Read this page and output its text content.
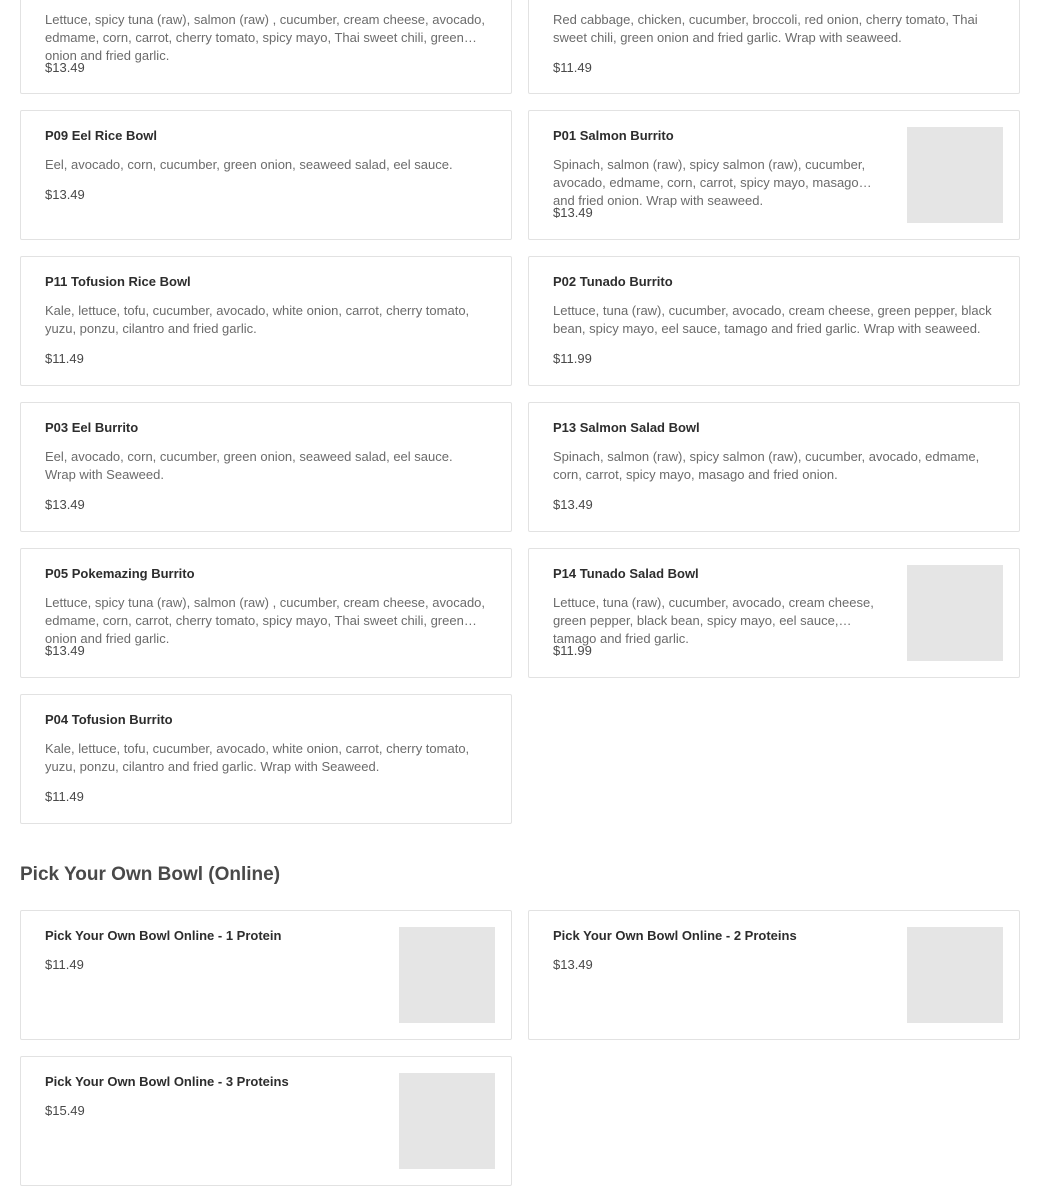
Lettuce, spicy tuna (raw), salmon (raw) , cucumber, cream cheese, avocado, edmame, corn, carrot, cherry tomato, spicy mayo, Thai sweet chili, green onion and fried garlic.
$13.49
Red cabbage, chicken, cucumber, broccoli, red onion, cherry tomato, Thai sweet chili, green onion and fried garlic. Wrap with seaweed.
$11.49
P09 Eel Rice Bowl
Eel, avocado, corn, cucumber, green onion, seaweed salad, eel sauce.
$13.49
P01 Salmon Burrito
Spinach, salmon (raw), spicy salmon (raw), cucumber, avocado, edmame, corn, carrot, spicy mayo, masago and fried onion. Wrap with seaweed.
$13.49
P11 Tofusion Rice Bowl
Kale, lettuce, tofu, cucumber, avocado, white onion, carrot, cherry tomato, yuzu, ponzu, cilantro and fried garlic.
$11.49
P02 Tunado Burrito
Lettuce, tuna (raw), cucumber, avocado, cream cheese, green pepper, black bean, spicy mayo, eel sauce, tamago and fried garlic. Wrap with seaweed.
$11.99
P03 Eel Burrito
Eel, avocado, corn, cucumber, green onion, seaweed salad, eel sauce. Wrap with Seaweed.
$13.49
P13 Salmon Salad Bowl
Spinach, salmon (raw), spicy salmon (raw), cucumber, avocado, edmame, corn, carrot, spicy mayo, masago and fried onion.
$13.49
P05 Pokemazing Burrito
Lettuce, spicy tuna (raw), salmon (raw) , cucumber, cream cheese, avocado, edmame, corn, carrot, cherry tomato, spicy mayo, Thai sweet chili, green onion and fried garlic.
$13.49
P14 Tunado Salad Bowl
Lettuce, tuna (raw), cucumber, avocado, cream cheese, green pepper, black bean, spicy mayo, eel sauce, tamago and fried garlic.
$11.99
P04 Tofusion Burrito
Kale, lettuce, tofu, cucumber, avocado, white onion, carrot, cherry tomato, yuzu, ponzu, cilantro and fried garlic. Wrap with Seaweed.
$11.49
Pick Your Own Bowl (Online)
Pick Your Own Bowl Online - 1 Protein
$11.49
Pick Your Own Bowl Online - 2 Proteins
$13.49
Pick Your Own Bowl Online - 3 Proteins
$15.49
